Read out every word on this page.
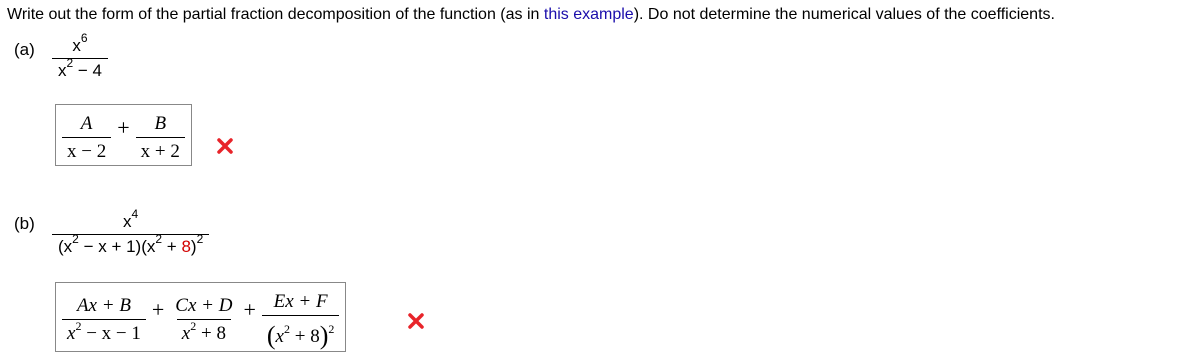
Write out the form of the partial fraction decomposition of the function (as in this example). Do not determine the numerical values of the coefficients.
$(a) \frac{x^6}{x^2 - 4}$
$\frac{A}{x - 2} + \frac{B}{x + 2}$
$(b) \frac{x^4}{(x^2 - x + 1)(x^2 + 8)^2}$
$\frac{Ax + B}{x^2 - x - 1} + \frac{Cx + D}{x^2 + 8} + \frac{Ex + F}{(x^2 + 8)^2}$
